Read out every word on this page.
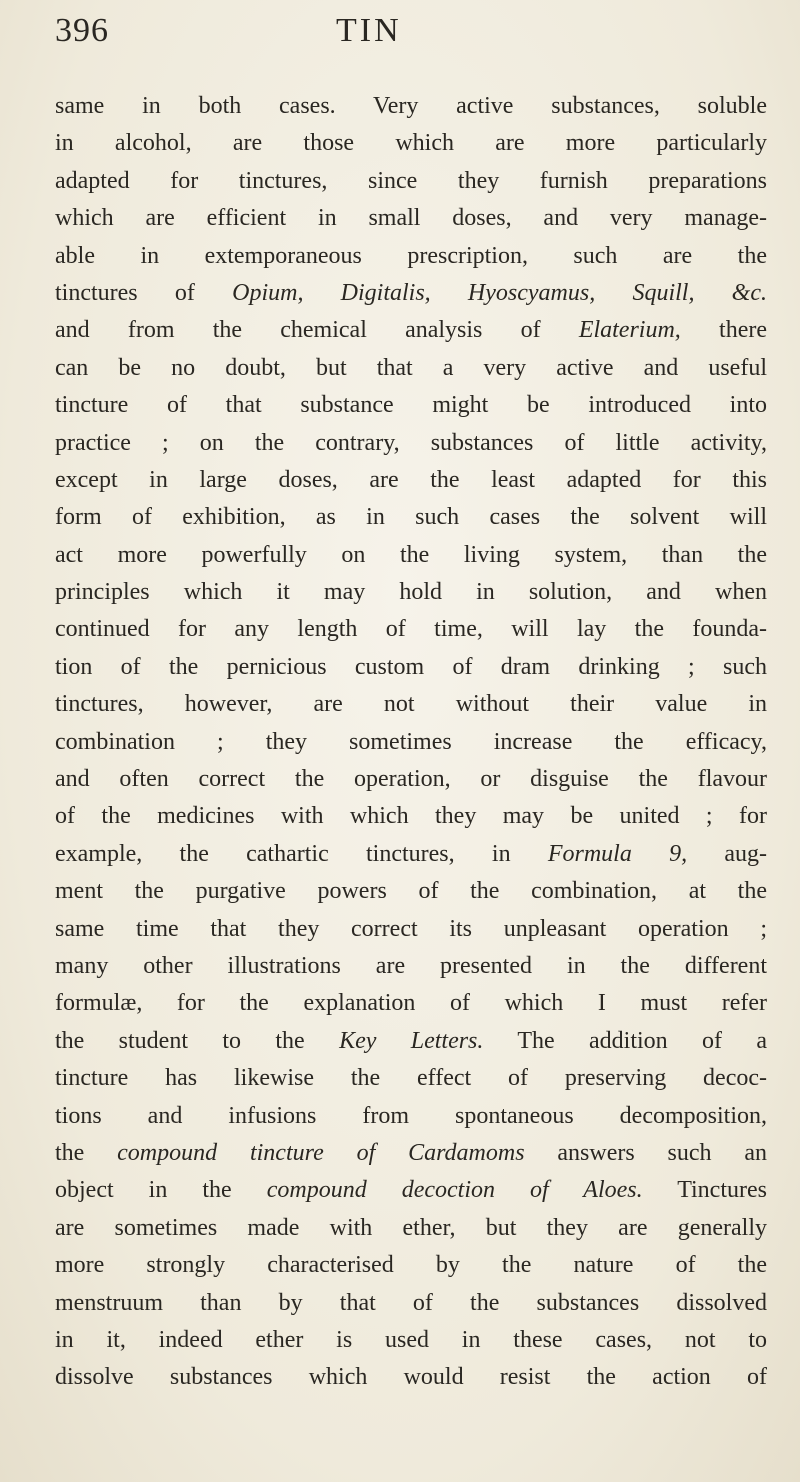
396	TIN
same in both cases. Very active substances, soluble
in alcohol, are those which are more particularly
adapted for tinctures, since they furnish preparations
which are efficient in small doses, and very manage-
able in extemporaneous prescription, such are the
tinctures of Opium, Digitalis, Hyoscyamus, Squill, &c.
and from the chemical analysis of Elaterium, there
can be no doubt, but that a very active and useful
tincture of that substance might be introduced into
practice ; on the contrary, substances of little activity,
except in large doses, are the least adapted for this
form of exhibition, as in such cases the solvent will
act more powerfully on the living system, than the
principles which it may hold in solution, and when
continued for any length of time, will lay the founda-
tion of the pernicious custom of dram drinking ; such
tinctures, however, are not without their value in
combination ; they sometimes increase the efficacy,
and often correct the operation, or disguise the flavour
of the medicines with which they may be united ; for
example, the cathartic tinctures, in Formula 9, aug-
ment the purgative powers of the combination, at the
same time that they correct its unpleasant operation ;
many other illustrations are presented in the different
formulæ, for the explanation of which I must refer
the student to the Key Letters. The addition of a
tincture has likewise the effect of preserving decoc-
tions and infusions from spontaneous decomposition,
the compound tincture of Cardamoms answers such an
object in the compound decoction of Aloes. Tinctures
are sometimes made with ether, but they are generally
more strongly characterised by the nature of the
menstruum than by that of the substances dissolved
in it, indeed ether is used in these cases, not to
dissolve substances which would resist the action of
